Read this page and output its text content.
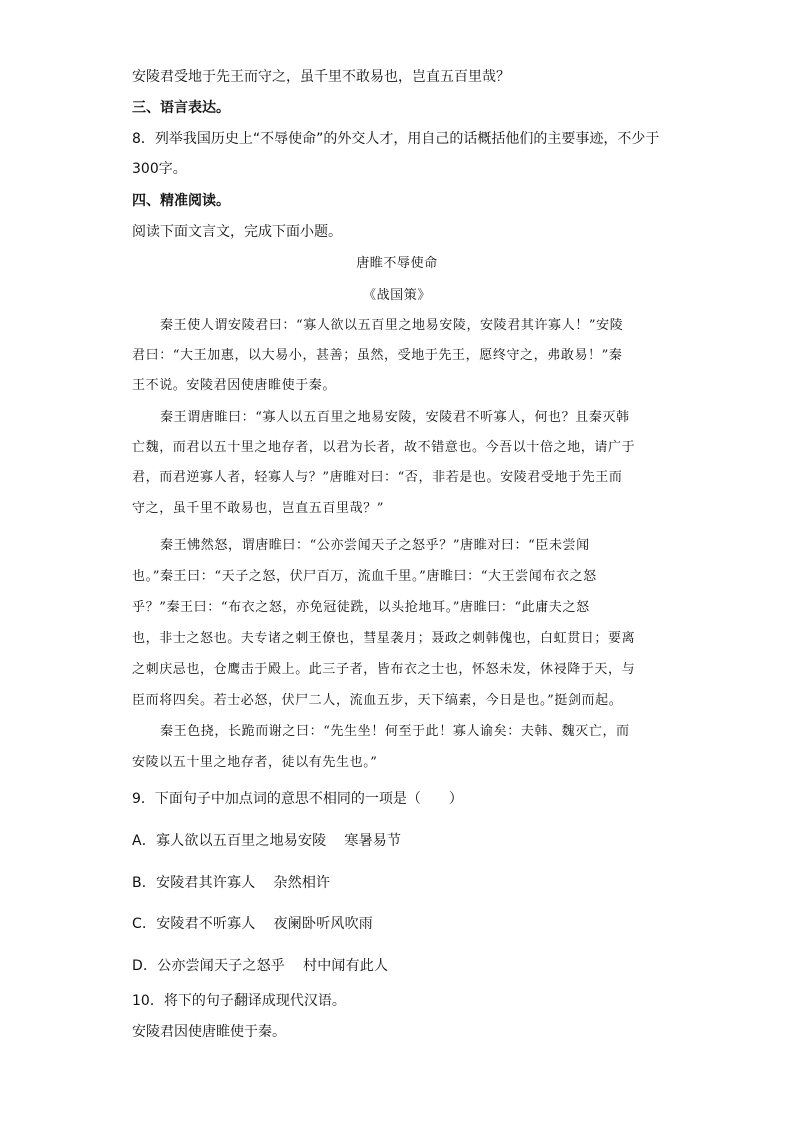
安陵君受地于先王而守之，虽千里不敢易也，岂直五百里哉？
三、语言表达。
8．列举我国历史上“不辱使命”的外交人才，用自己的话概括他们的主要事迹，不少于
300字。
四、精准阅读。
阅读下面文言文，完成下面小题。
唐睢不辱使命
《战国策》
秦王使人谓安陵君曰：“寡人欲以五百里之地易安陵，安陵君其许寡人！”安陵
君曰：“大王加惠，以大易小，甚善；虽然，受地于先王，愿终守之，弗敢易！”秦
王不说。安陵君因使唐睢使于秦。
秦王谓唐睢曰：“寡人以五百里之地易安陵，安陵君不听寡人，何也？且秦灭韩
亡魏，而君以五十里之地存者，以君为长者，故不错意也。今吾以十倍之地，请广于
君，而君逆寡人者，轻寡人与？”唐睢对曰：“否，非若是也。安陵君受地于先王而
守之，虽千里不敢易也，岂直五百里哉？”
秦王怫然怒，谓唐睢曰：“公亦尝闻天子之怒乎？”唐睢对曰：“臣未尝闻
也。”秦王曰：“天子之怒，伏尸百万，流血千里。”唐睢曰：“大王尝闻布衣之怒
乎？”秦王曰：“布衣之怒，亦免冠徒跣，以头抢地耳。”唐睢曰：“此庸夫之怒
也，非士之怒也。夫专诸之刺王僚也，彗星袭月；聂政之刺韩傀也，白虹贯日；要离
之刺庆忌也，仓鹰击于殿上。此三子者，皆布衣之士也，怀怒未发，休祲降于天，与
臣而将四矣。若士必怒，伏尸二人，流血五步，天下缟素，今日是也。”挺剑而起。
秦王色挠，长跪而谢之曰：“先生坐！何至于此！寡人谕矣：夫韩、魏灭亡，而
安陵以五十里之地存者，徒以有先生也。”
9．下面句子中加点词的意思不相同的一项是（　　）
A．寡人欲以五百里之地易安陵 寒暑易节
B．安陵君其许寡人 杂然相许
C．安陵君不听寡人 夜阑卧听风吹雨
D．公亦尝闻天子之怒乎 村中闻有此人
10．将下的句子翻译成现代汉语。
安陵君因使唐睢使于秦。
